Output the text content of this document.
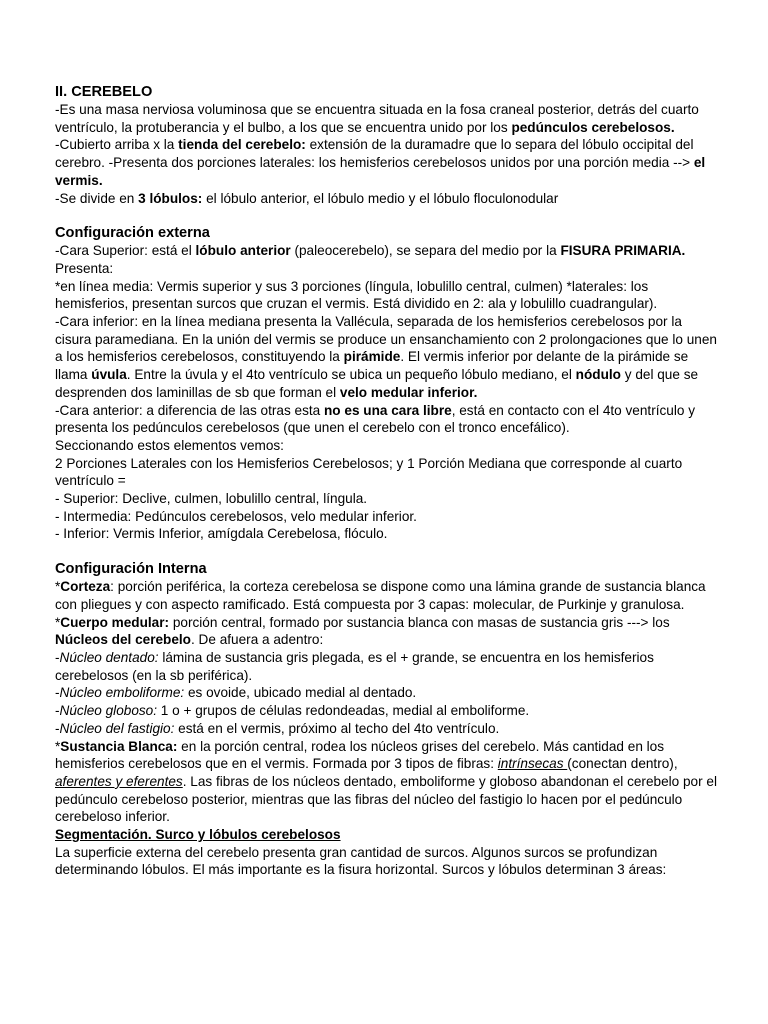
II. CEREBELO

-Es una masa nerviosa voluminosa que se encuentra situada en la fosa craneal posterior, detrás del cuarto ventrículo, la protuberancia y el bulbo, a los que se encuentra unido por los pedúnculos cerebelosos.

-Cubierto arriba x la tienda del cerebelo: extensión de la duramadre que lo separa del lóbulo occipital del cerebro. -Presenta dos porciones laterales: los hemisferios cerebelosos unidos por una porción media --> el vermis.

-Se divide en 3 lóbulos: el lóbulo anterior, el lóbulo medio y el lóbulo floculonodular

Configuración externa

-Cara Superior: está el lóbulo anterior (paleocerebelo), se separa del medio por la FISURA PRIMARIA.

Presenta:

*en línea media: Vermis superior y sus 3 porciones (língula, lobulillo central, culmen) *laterales: los hemisferios, presentan surcos que cruzan el vermis. Está dividido en 2: ala y lobulillo cuadrangular).

-Cara inferior: en la línea mediana presenta la Vallécula, separada de los hemisferios cerebelosos por la cisura paramediana. En la unión del vermis se produce un ensanchamiento con 2 prolongaciones que lo unen a los hemisferios cerebelosos, constituyendo la pirámide. El vermis inferior por delante de la pirámide se llama úvula. Entre la úvula y el 4to ventrículo se ubica un pequeño lóbulo mediano, el nódulo y del que se desprenden dos laminillas de sb que forman el velo medular inferior.

-Cara anterior: a diferencia de las otras esta no es una cara libre, está en contacto con el 4to ventrículo y presenta los pedúnculos cerebelosos (que unen el cerebelo con el tronco encefálico).

Seccionando estos elementos vemos:

2 Porciones Laterales con los Hemisferios Cerebelosos; y 1 Porción Mediana que corresponde al cuarto ventrículo =

- Superior: Declive, culmen, lobulillo central, língula.

- Intermedia: Pedúnculos cerebelosos, velo medular inferior.

- Inferior: Vermis Inferior, amígdala Cerebelosa, flóculo.

Configuración Interna

*Corteza: porción periférica, la corteza cerebelosa se dispone como una lámina grande de sustancia blanca con pliegues y con aspecto ramificado. Está compuesta por 3 capas: molecular, de Purkinje y granulosa.

*Cuerpo medular: porción central, formado por sustancia blanca con masas de sustancia gris ---> los Núcleos del cerebelo. De afuera a adentro:

-Núcleo dentado: lámina de sustancia gris plegada, es el + grande, se encuentra en los hemisferios cerebelosos (en la sb periférica).

-Núcleo emboliforme: es ovoide, ubicado medial al dentado.

-Núcleo globoso: 1 o + grupos de células redondeadas, medial al emboliforme.

-Núcleo del fastigio: está en el vermis, próximo al techo del 4to ventrículo.

*Sustancia Blanca: en la porción central, rodea los núcleos grises del cerebelo. Más cantidad en los hemisferios cerebelosos que en el vermis. Formada por 3 tipos de fibras: intrínsecas (conectan dentro), aferentes y eferentes. Las fibras de los núcleos dentado, emboliforme y globoso abandonan el cerebelo por el pedúnculo cerebeloso posterior, mientras que las fibras del núcleo del fastigio lo hacen por el pedúnculo cerebeloso inferior.

Segmentación. Surco y lóbulos cerebelosos

La superficie externa del cerebelo presenta gran cantidad de surcos. Algunos surcos se profundizan determinando lóbulos. El más importante es la fisura horizontal. Surcos y lóbulos determinan 3 áreas:
